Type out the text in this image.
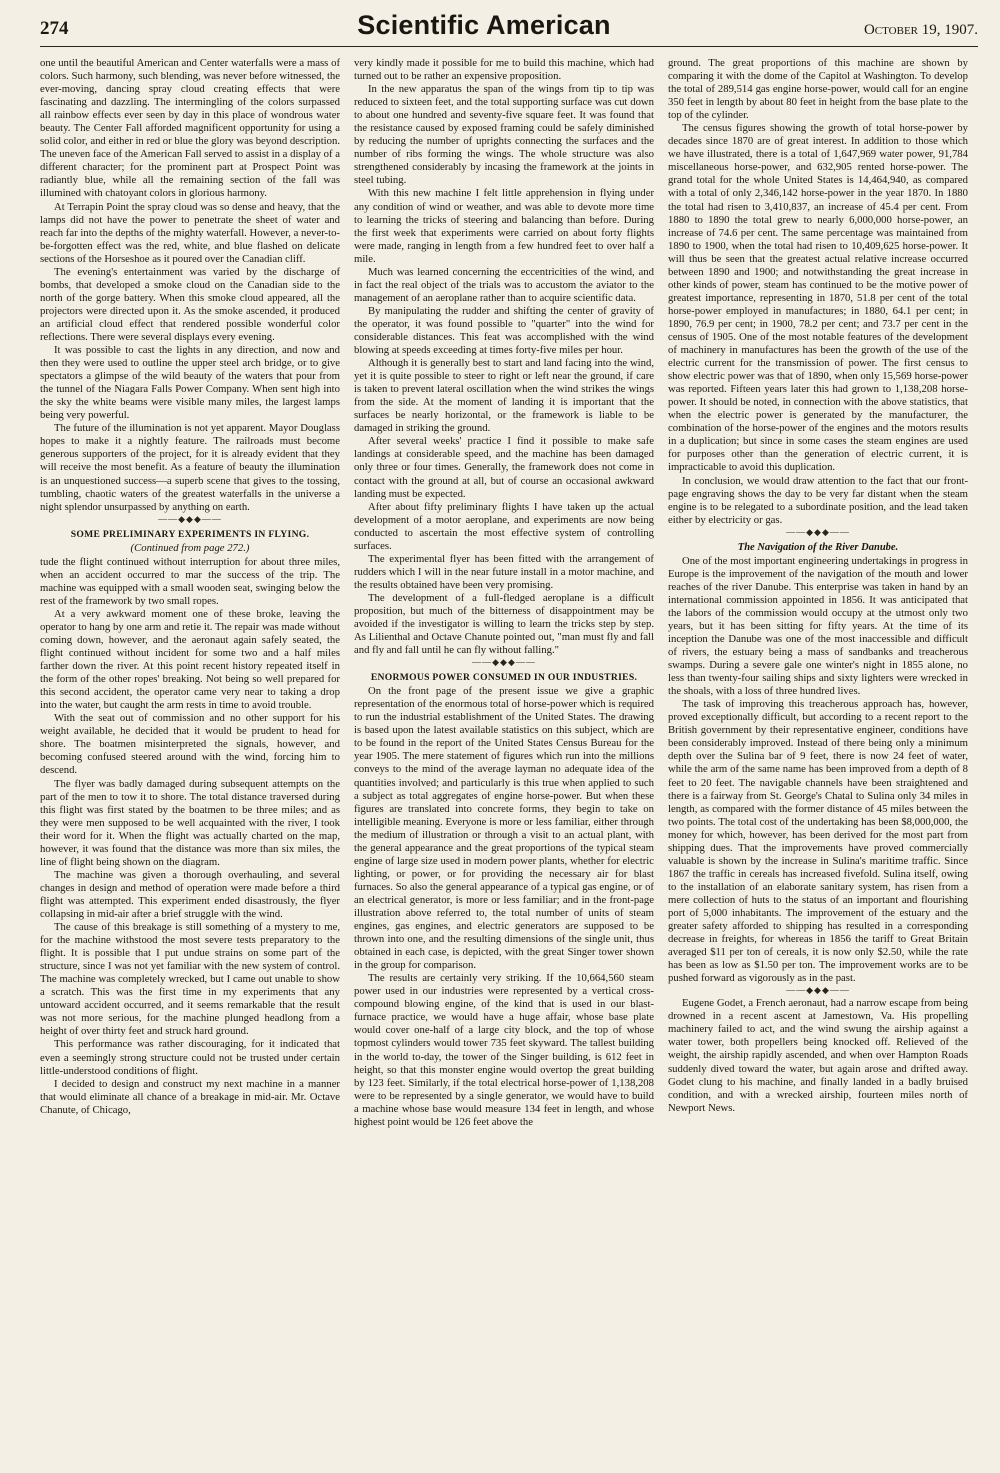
274	Scientific American	October 19, 1907.

one until the beautiful American and Center waterfalls were a mass of colors. Such harmony, such blending, was never before witnessed, the ever-moving, dancing spray cloud creating effects that were fascinating and dazzling. The intermingling of the colors surpassed all rainbow effects ever seen by day in this place of wondrous water beauty. The Center Fall afforded magnificent opportunity for using a solid color, and either in red or blue the glory was beyond description. The uneven face of the American Fall served to assist in a display of a different character; for the prominent part at Prospect Point was radiantly blue, while all the remaining section of the fall was illumined with chatoyant colors in glorious harmony.

At Terrapin Point the spray cloud was so dense and heavy, that the lamps did not have the power to penetrate the sheet of water and reach far into the depths of the mighty waterfall. However, a never-to-be-forgotten effect was the red, white, and blue flashed on delicate sections of the Horseshoe as it poured over the Canadian cliff.

The evening's entertainment was varied by the discharge of bombs, that developed a smoke cloud on the Canadian side to the north of the gorge battery. When this smoke cloud appeared, all the projectors were directed upon it. As the smoke ascended, it produced an artificial cloud effect that rendered possible wonderful color reflections. There were several displays every evening.

It was possible to cast the lights in any direction, and now and then they were used to outline the upper steel arch bridge, or to give spectators a glimpse of the wild beauty of the waters that pour from the tunnel of the Niagara Falls Power Company. When sent high into the sky the white beams were visible many miles, the largest lamps being very powerful.

The future of the illumination is not yet apparent. Mayor Douglass hopes to make it a nightly feature. The railroads must become generous supporters of the project, for it is already evident that they will receive the most benefit. As a feature of beauty the illumination is an unquestioned success—a superb scene that gives to the tossing, tumbling, chaotic waters of the greatest waterfalls in the universe a night splendor unsurpassed by anything on earth.

——◆◆◆——
SOME PRELIMINARY EXPERIMENTS IN FLYING.
(Continued from page 272.)

tude the flight continued without interruption for about three miles, when an accident occurred to mar the success of the trip. The machine was equipped with a small wooden seat, swinging below the rest of the framework by two small ropes.

At a very awkward moment one of these broke, leaving the operator to hang by one arm and retie it. The repair was made without coming down, however, and the aeronaut again safely seated, the flight continued without incident for some two and a half miles farther down the river. At this point recent history repeated itself in the form of the other ropes' breaking. Not being so well prepared for this second accident, the operator came very near to taking a drop into the water, but caught the arm rests in time to avoid trouble.

With the seat out of commission and no other support for his weight available, he decided that it would be prudent to head for shore. The boatmen misinterpreted the signals, however, and becoming confused steered around with the wind, forcing him to descend.

The flyer was badly damaged during subsequent attempts on the part of the men to tow it to shore. The total distance traversed during this flight was first stated by the boatmen to be three miles; and as they were men supposed to be well acquainted with the river, I took their word for it. When the flight was actually charted on the map, however, it was found that the distance was more than six miles, the line of flight being shown on the diagram.

The machine was given a thorough overhauling, and several changes in design and method of operation were made before a third flight was attempted. This experiment ended disastrously, the flyer collapsing in mid-air after a brief struggle with the wind.

The cause of this breakage is still something of a mystery to me, for the machine withstood the most severe tests preparatory to the flight. It is possible that I put undue strains on some part of the structure, since I was not yet familiar with the new system of control. The machine was completely wrecked, but I came out unable to show a scratch. This was the first time in my experiments that any untoward accident occurred, and it seems remarkable that the result was not more serious, for the machine plunged headlong from a height of over thirty feet and struck hard ground.

This performance was rather discouraging, for it indicated that even a seemingly strong structure could not be trusted under certain little-understood conditions of flight.

I decided to design and construct my next machine in a manner that would eliminate all chance of a breakage in mid-air. Mr. Octave Chanute, of Chicago,

very kindly made it possible for me to build this machine, which had turned out to be rather an expensive proposition.

In the new apparatus the span of the wings from tip to tip was reduced to sixteen feet, and the total supporting surface was cut down to about one hundred and seventy-five square feet. It was found that the resistance caused by exposed framing could be safely diminished by reducing the number of uprights connecting the surfaces and the number of ribs forming the wings. The whole structure was also strengthened considerably by incasing the framework at the joints in steel tubing.

With this new machine I felt little apprehension in flying under any condition of wind or weather, and was able to devote more time to learning the tricks of steering and balancing than before. During the first week that experiments were carried on about forty flights were made, ranging in length from a few hundred feet to over half a mile.

Much was learned concerning the eccentricities of the wind, and in fact the real object of the trials was to accustom the aviator to the management of an aeroplane rather than to acquire scientific data.

By manipulating the rudder and shifting the center of gravity of the operator, it was found possible to "quarter" into the wind for considerable distances. This feat was accomplished with the wind blowing at speeds exceeding at times forty-five miles per hour.

Although it is generally best to start and land facing into the wind, yet it is quite possible to steer to right or left near the ground, if care is taken to prevent lateral oscillation when the wind strikes the wings from the side. At the moment of landing it is important that the surfaces be nearly horizontal, or the framework is liable to be damaged in striking the ground.

After several weeks' practice I find it possible to make safe landings at considerable speed, and the machine has been damaged only three or four times. Generally, the framework does not come in contact with the ground at all, but of course an occasional awkward landing must be expected.

After about fifty preliminary flights I have taken up the actual development of a motor aeroplane, and experiments are now being conducted to ascertain the most effective system of controlling surfaces.

The experimental flyer has been fitted with the arrangement of rudders which I will in the near future install in a motor machine, and the results obtained have been very promising.

The development of a full-fledged aeroplane is a difficult proposition, but much of the bitterness of disappointment may be avoided if the investigator is willing to learn the tricks step by step. As Lilienthal and Octave Chanute pointed out, "man must fly and fall and fly and fall until he can fly without falling."

——◆◆◆——
ENORMOUS POWER CONSUMED IN OUR INDUSTRIES.

On the front page of the present issue we give a graphic representation of the enormous total of horse-power which is required to run the industrial establishment of the United States. The drawing is based upon the latest available statistics on this subject, which are to be found in the report of the United States Census Bureau for the year 1905. The mere statement of figures which run into the millions conveys to the mind of the average layman no adequate idea of the quantities involved; and particularly is this true when applied to such a subject as total aggregates of engine horse-power. But when these figures are translated into concrete forms, they begin to take on intelligible meaning. Everyone is more or less familiar, either through the medium of illustration or through a visit to an actual plant, with the general appearance and the great proportions of the typical steam engine of large size used in modern power plants, whether for electric lighting, or power, or for providing the necessary air for blast furnaces. So also the general appearance of a typical gas engine, or of an electrical generator, is more or less familiar; and in the front-page illustration above referred to, the total number of units of steam engines, gas engines, and electric generators are supposed to be thrown into one, and the resulting dimensions of the single unit, thus obtained in each case, is depicted, with the great Singer tower shown in the group for comparison.

The results are certainly very striking. If the 10,664,560 steam power used in our industries were represented by a vertical cross-compound blowing engine, of the kind that is used in our blast-furnace practice, we would have a huge affair, whose base plate would cover one-half of a large city block, and the top of whose topmost cylinders would tower 735 feet skyward. The tallest building in the world to-day, the tower of the Singer building, is 612 feet in height, so that this monster engine would overtop the great building by 123 feet. Similarly, if the total electrical horse-power of 1,138,208 were to be represented by a single generator, we would have to build a machine whose base would measure 134 feet in length, and whose highest point would be 126 feet above the

ground. The great proportions of this machine are shown by comparing it with the dome of the Capitol at Washington. To develop the total of 289,514 gas engine horse-power, would call for an engine 350 feet in length by about 80 feet in height from the base plate to the top of the cylinder.

The census figures showing the growth of total horse-power by decades since 1870 are of great interest. In addition to those which we have illustrated, there is a total of 1,647,969 water power, 91,784 miscellaneous horse-power, and 632,905 rented horse-power. The grand total for the whole United States is 14,464,940, as compared with a total of only 2,346,142 horse-power in the year 1870. In 1880 the total had risen to 3,410,837, an increase of 45.4 per cent. From 1880 to 1890 the total grew to nearly 6,000,000 horse-power, an increase of 74.6 per cent. The same percentage was maintained from 1890 to 1900, when the total had risen to 10,409,625 horse-power. It will thus be seen that the greatest actual relative increase occurred between 1890 and 1900; and notwithstanding the great increase in other kinds of power, steam has continued to be the motive power of greatest importance, representing in 1870, 51.8 per cent of the total horse-power employed in manufactures; in 1880, 64.1 per cent; in 1890, 76.9 per cent; in 1900, 78.2 per cent; and 73.7 per cent in the census of 1905. One of the most notable features of the development of machinery in manufactures has been the growth of the use of the electric current for the transmission of power. The first census to show electric power was that of 1890, when only 15,569 horse-power was reported. Fifteen years later this had grown to 1,138,208 horse-power. It should be noted, in connection with the above statistics, that when the electric power is generated by the manufacturer, the combination of the horse-power of the engines and the motors results in a duplication; but since in some cases the steam engines are used for purposes other than the generation of electric current, it is impracticable to avoid this duplication.

In conclusion, we would draw attention to the fact that our front-page engraving shows the day to be very far distant when the steam engine is to be relegated to a subordinate position, and the lead taken either by electricity or gas.

——◆◆◆——
The Navigation of the River Danube.

One of the most important engineering undertakings in progress in Europe is the improvement of the navigation of the mouth and lower reaches of the river Danube. This enterprise was taken in hand by an international commission appointed in 1856. It was anticipated that the labors of the commission would occupy at the utmost only two years, but it has been sitting for fifty years. At the time of its inception the Danube was one of the most inaccessible and difficult of rivers, the estuary being a mass of sandbanks and treacherous swamps. During a severe gale one winter's night in 1855 alone, no less than twenty-four sailing ships and sixty lighters were wrecked in the shoals, with a loss of three hundred lives.

The task of improving this treacherous approach has, however, proved exceptionally difficult, but according to a recent report to the British government by their representative engineer, conditions have been considerably improved. Instead of there being only a minimum depth over the Sulina bar of 9 feet, there is now 24 feet of water, while the arm of the same name has been improved from a depth of 8 feet to 20 feet. The navigable channels have been straightened and there is a fairway from St. George's Chatal to Sulina only 34 miles in length, as compared with the former distance of 45 miles between the two points. The total cost of the undertaking has been $8,000,000, the money for which, however, has been derived for the most part from shipping dues. That the improvements have proved commercially valuable is shown by the increase in Sulina's maritime traffic. Since 1867 the traffic in cereals has increased fivefold. Sulina itself, owing to the installation of an elaborate sanitary system, has risen from a mere collection of huts to the status of an important and flourishing port of 5,000 inhabitants. The improvement of the estuary and the greater safety afforded to shipping has resulted in a corresponding decrease in freights, for whereas in 1856 the tariff to Great Britain averaged $11 per ton of cereals, it is now only $2.50, while the rate has been as low as $1.50 per ton. The improvement works are to be pushed forward as vigorously as in the past.

——◆◆◆——

Eugene Godet, a French aeronaut, had a narrow escape from being drowned in a recent ascent at Jamestown, Va. His propelling machinery failed to act, and the wind swung the airship against a water tower, both propellers being knocked off. Relieved of the weight, the airship rapidly ascended, and when over Hampton Roads suddenly dived toward the water, but again arose and drifted away. Godet clung to his machine, and finally landed in a badly bruised condition, and with a wrecked airship, fourteen miles north of Newport News.
